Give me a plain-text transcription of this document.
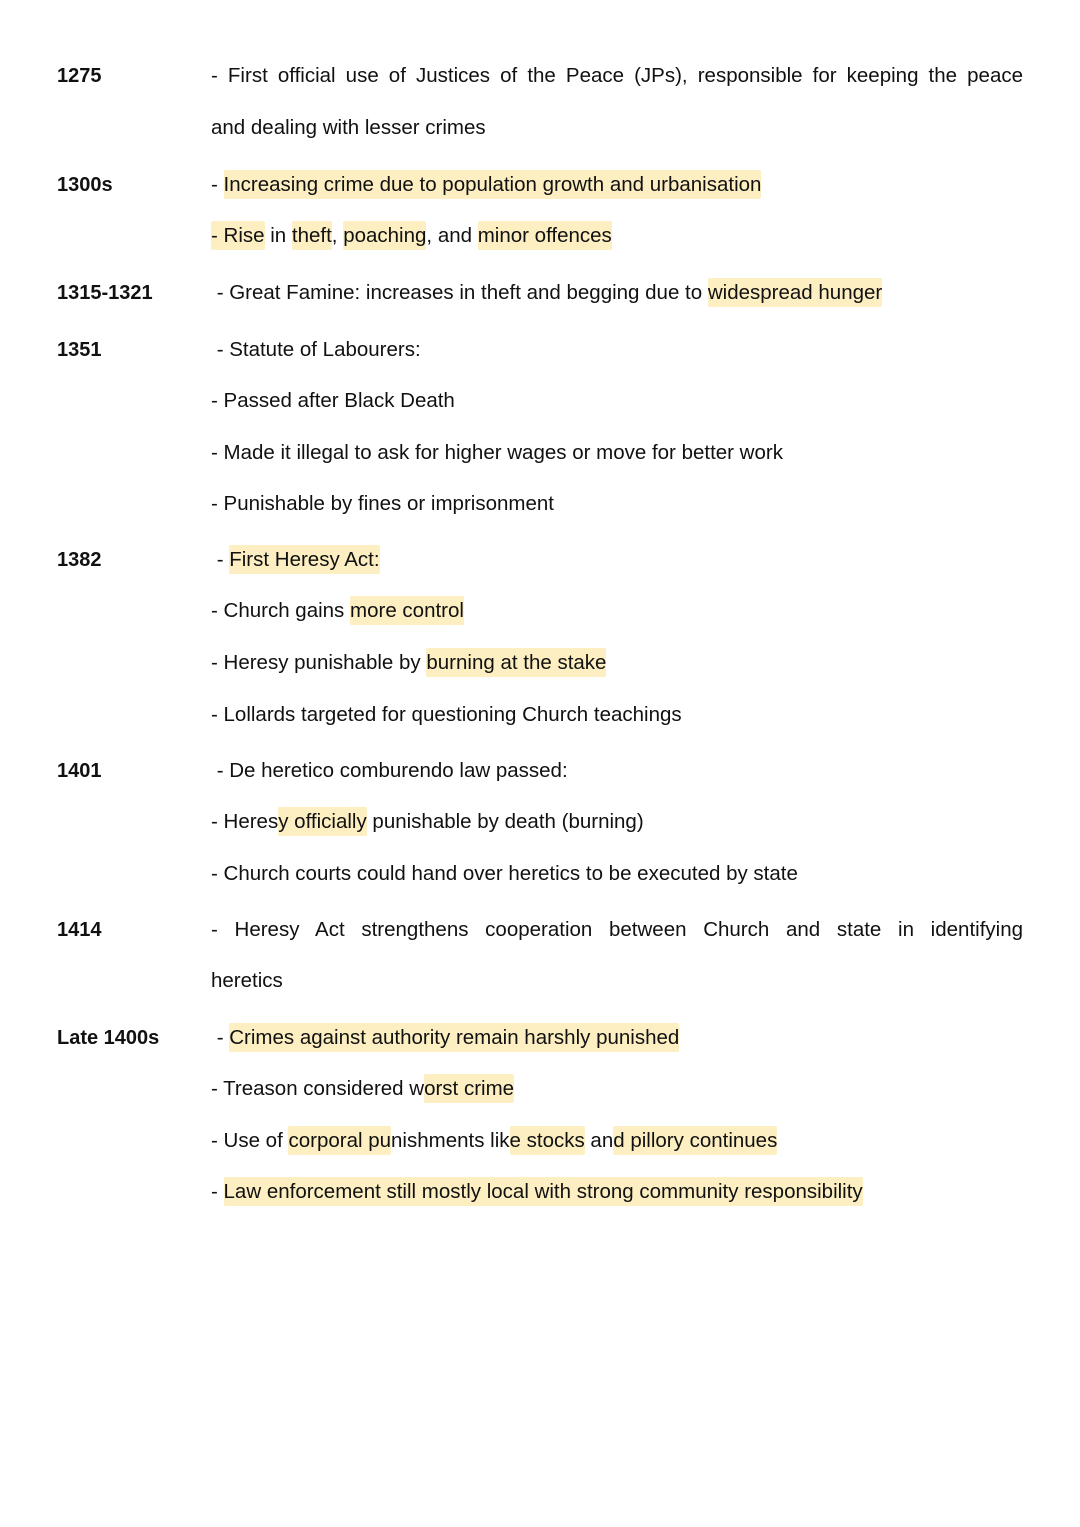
1275	- First official use of Justices of the Peace (JPs), responsible for keeping the peace
and dealing with lesser crimes
1300s	- Increasing crime due to population growth and urbanisation
- Rise in theft, poaching, and minor offences
1315-1321	- Great Famine: increases in theft and begging due to widespread hunger
1351	- Statute of Labourers:
- Passed after Black Death
- Made it illegal to ask for higher wages or move for better work
- Punishable by fines or imprisonment
1382	- First Heresy Act:
- Church gains more control
- Heresy punishable by burning at the stake
- Lollards targeted for questioning Church teachings
1401	- De heretico comburendo law passed:
- Heresy officially punishable by death (burning)
- Church courts could hand over heretics to be executed by state
1414	- Heresy Act strengthens cooperation between Church and state in identifying
heretics
Late 1400s	- Crimes against authority remain harshly punished
- Treason considered worst crime
- Use of corporal punishments like stocks and pillory continues
- Law enforcement still mostly local with strong community responsibility
